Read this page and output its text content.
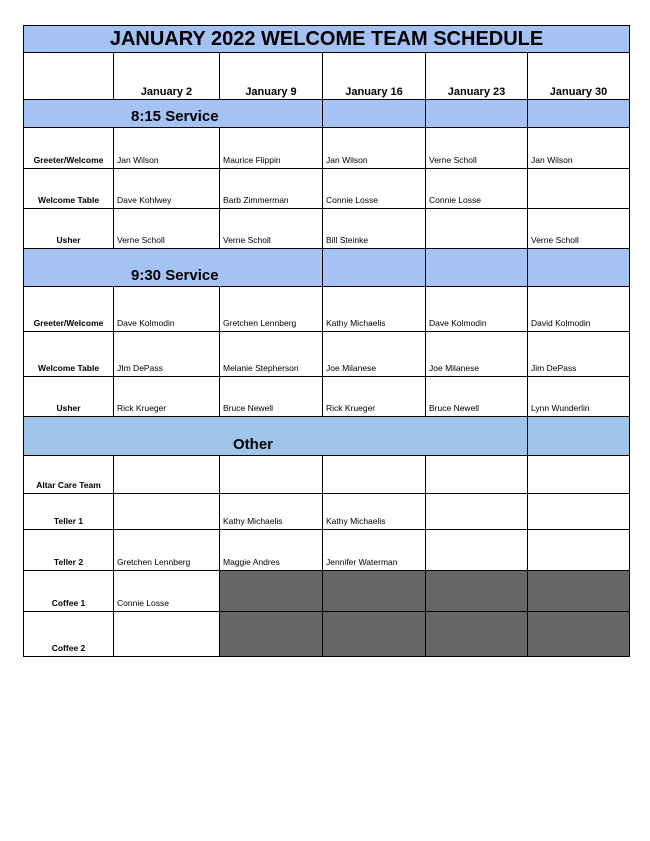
JANUARY 2022 WELCOME TEAM SCHEDULE					
	January 2	January 9	January 16	January 23	January 30
8:15 Service					
Greeter/Welcome	Jan Wilson	Maurice Flippin	Jan Wilson	Verne Scholl	Jan Wilson
Welcome Table	Dave Kohlwey	Barb Zimmerman	Connie Losse	Connie Losse	
Usher	Verne Scholl	Verne Scholl	Bill Steinke		Verne Scholl
9:30 Service					
Greeter/Welcome	Dave Kolmodin	Gretchen Lennberg	Kathy Michaelis	Dave Kolmodin	David Kolmodin
Welcome Table	JIm DePass	Melanie Stepherson	Joe Milanese	Joe Milanese	Jim DePass
Usher	Rick Krueger	Bruce Newell	Rick Krueger	Bruce Newell	Lynn Wunderlin
Other					
Altar Care Team					
Teller 1		Kathy Michaelis	Kathy Michaelis		
Teller 2	Gretchen Lennberg	Maggie Andres	Jennifer Waterman		
Coffee 1	Connie Losse				
Coffee 2					
